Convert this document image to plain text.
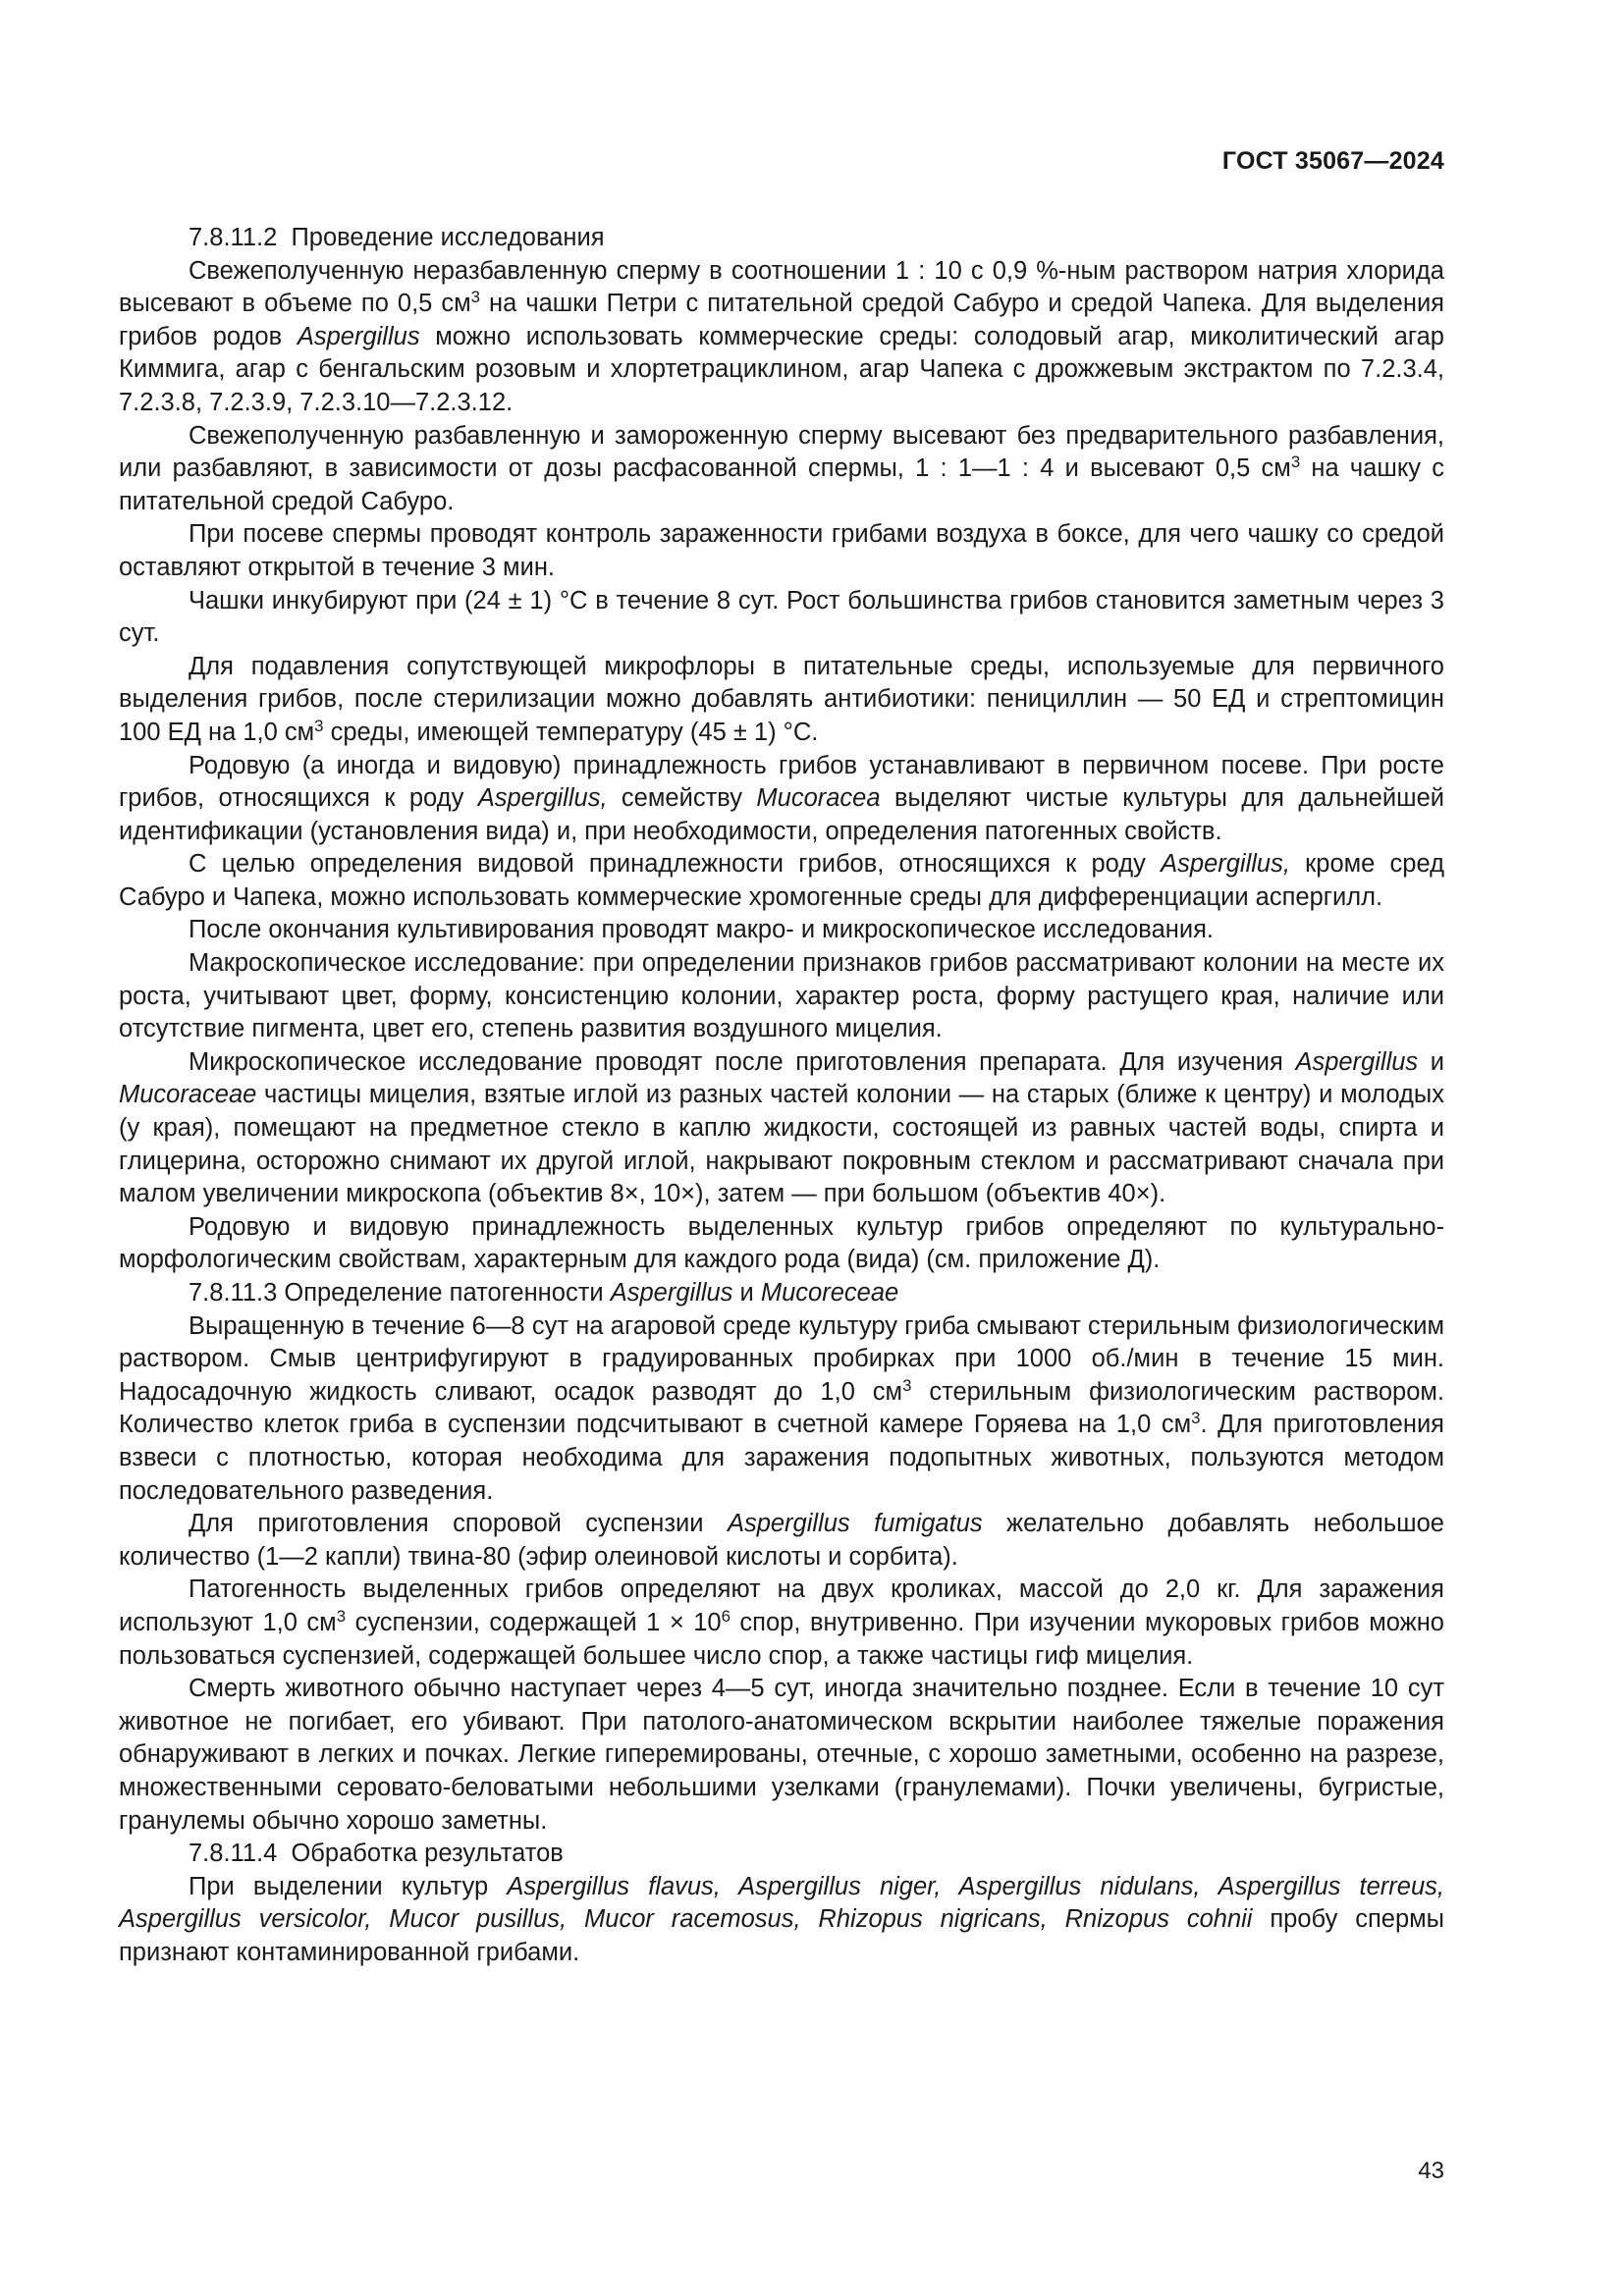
ГОСТ 35067—2024

7.8.11.2 Проведение исследования

Свежеполученную неразбавленную сперму в соотношении 1 : 10 с 0,9 %-ным раствором натрия хлорида высевают в объеме по 0,5 $см^3$ на чашки Петри с питательной средой Сабуро и средой Чапека. Для выделения грибов родов Aspergillus можно использовать коммерческие среды: солодовый агар, миколитический агар Киммига, агар с бенгальским розовым и хлортетрациклином, агар Чапека с дрожжевым экстрактом по 7.2.3.4, 7.2.3.8, 7.2.3.9, 7.2.3.10—7.2.3.12.

Свежеполученную разбавленную и замороженную сперму высевают без предварительного разбавления, или разбавляют, в зависимости от дозы расфасованной спермы, 1 : 1—1 : 4 и высевают 0,5 $см^3$ на чашку с питательной средой Сабуро.

При посеве спермы проводят контроль зараженности грибами воздуха в боксе, для чего чашку со средой оставляют открытой в течение 3 мин.

Чашки инкубируют при (24 ± 1) °C в течение 8 сут. Рост большинства грибов становится заметным через 3 сут.

Для подавления сопутствующей микрофлоры в питательные среды, используемые для первичного выделения грибов, после стерилизации можно добавлять антибиотики: пенициллин — 50 ЕД и стрептомицин 100 ЕД на 1,0 $см^3$ среды, имеющей температуру (45 ± 1) °C.

Родовую (а иногда и видовую) принадлежность грибов устанавливают в первичном посеве. При росте грибов, относящихся к роду Aspergillus, семейству Mucoracea выделяют чистые культуры для дальнейшей идентификации (установления вида) и, при необходимости, определения патогенных свойств.

С целью определения видовой принадлежности грибов, относящихся к роду Aspergillus, кроме сред Сабуро и Чапека, можно использовать коммерческие хромогенные среды для дифференциации аспергилл.

После окончания культивирования проводят макро- и микроскопическое исследования.

Макроскопическое исследование: при определении признаков грибов рассматривают колонии на месте их роста, учитывают цвет, форму, консистенцию колонии, характер роста, форму растущего края, наличие или отсутствие пигмента, цвет его, степень развития воздушного мицелия.

Микроскопическое исследование проводят после приготовления препарата. Для изучения Aspergillus и Mucoraceae частицы мицелия, взятые иглой из разных частей колонии — на старых (ближе к центру) и молодых (у края), помещают на предметное стекло в каплю жидкости, состоящей из равных частей воды, спирта и глицерина, осторожно снимают их другой иглой, накрывают покровным стеклом и рассматривают сначала при малом увеличении микроскопа (объектив 8×, 10×), затем — при большом (объектив 40×).

Родовую и видовую принадлежность выделенных культур грибов определяют по культурально-морфологическим свойствам, характерным для каждого рода (вида) (см. приложение Д).

7.8.11.3 Определение патогенности Aspergillus и Mucoreceae

Выращенную в течение 6—8 сут на агаровой среде культуру гриба смывают стерильным физиологическим раствором. Смыв центрифугируют в градуированных пробирках при 1000 об./мин в течение 15 мин. Надосадочную жидкость сливают, осадок разводят до 1,0 $см^3$ стерильным физиологическим раствором. Количество клеток гриба в суспензии подсчитывают в счетной камере Горяева на 1,0 $см^3$. Для приготовления взвеси с плотностью, которая необходима для заражения подопытных животных, пользуются методом последовательного разведения.

Для приготовления споровой суспензии Aspergillus fumigatus желательно добавлять небольшое количество (1—2 капли) твина-80 (эфир олеиновой кислоты и сорбита).

Патогенность выделенных грибов определяют на двух кроликах, массой до 2,0 кг. Для заражения используют 1,0 $см^3$ суспензии, содержащей $1 \times 10^6$ спор, внутривенно. При изучении мукоровых грибов можно пользоваться суспензией, содержащей большее число спор, а также частицы гиф мицелия.

Смерть животного обычно наступает через 4—5 сут, иногда значительно позднее. Если в течение 10 сут животное не погибает, его убивают. При патолого-анатомическом вскрытии наиболее тяжелые поражения обнаруживают в легких и почках. Легкие гиперемированы, отечные, с хорошо заметными, особенно на разрезе, множественными серовато-беловатыми небольшими узелками (гранулемами). Почки увеличены, бугристые, гранулемы обычно хорошо заметны.

7.8.11.4 Обработка результатов

При выделении культур Aspergillus flavus, Aspergillus niger, Aspergillus nidulans, Aspergillus terreus, Aspergillus versicolor, Mucor pusillus, Mucor racemosus, Rhizopus nigricans, Rnizopus cohnii пробу спермы признают контаминированной грибами.

43
